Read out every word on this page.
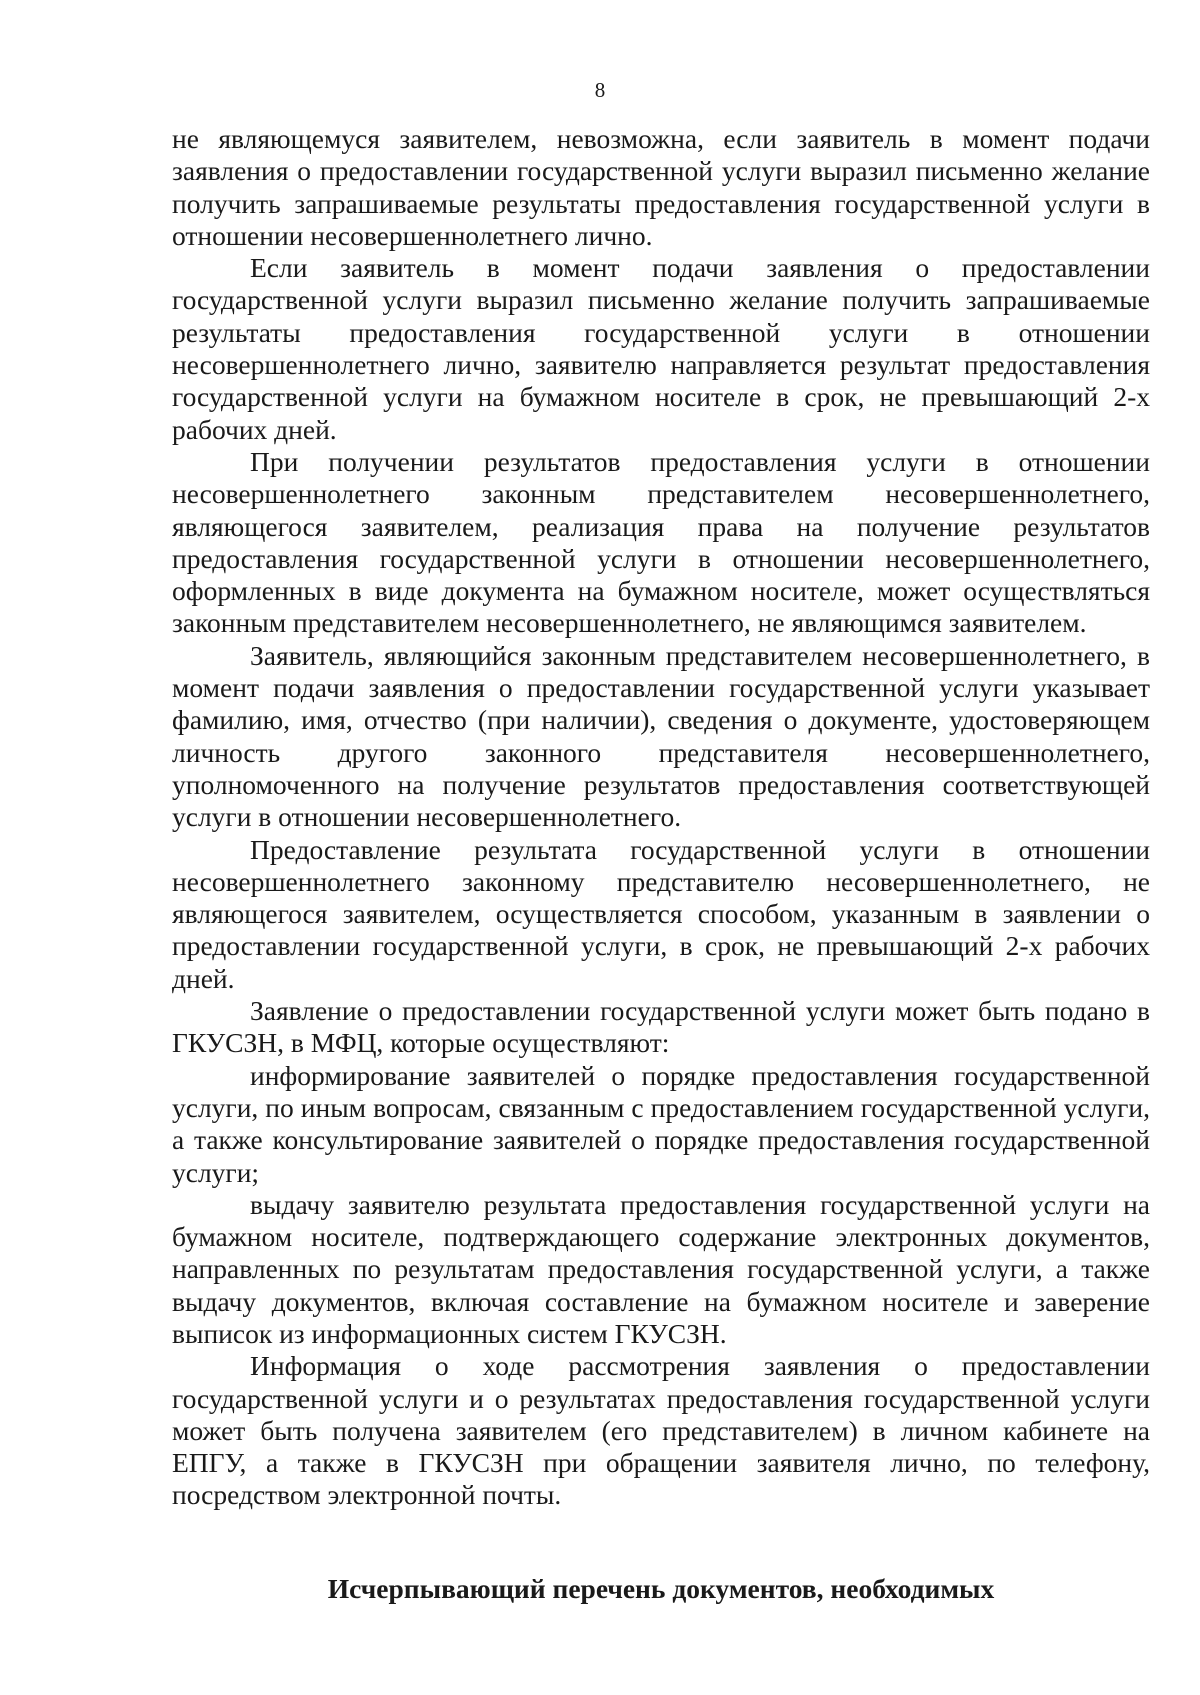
8

не являющемуся заявителем, невозможна, если заявитель в момент подачи заявления о предоставлении государственной услуги выразил письменно желание получить запрашиваемые результаты предоставления государственной услуги в отношении несовершеннолетнего лично.

Если заявитель в момент подачи заявления о предоставлении государственной услуги выразил письменно желание получить запрашиваемые результаты предоставления государственной услуги в отношении несовершеннолетнего лично, заявителю направляется результат предоставления государственной услуги на бумажном носителе в срок, не превышающий 2-х рабочих дней.

При получении результатов предоставления услуги в отношении несовершеннолетнего законным представителем несовершеннолетнего, являющегося заявителем, реализация права на получение результатов предоставления государственной услуги в отношении несовершеннолетнего, оформленных в виде документа на бумажном носителе, может осуществляться законным представителем несовершеннолетнего, не являющимся заявителем.

Заявитель, являющийся законным представителем несовершеннолетнего, в момент подачи заявления о предоставлении государственной услуги указывает фамилию, имя, отчество (при наличии), сведения о документе, удостоверяющем личность другого законного представителя несовершеннолетнего, уполномоченного на получение результатов предоставления соответствующей услуги в отношении несовершеннолетнего.

Предоставление результата государственной услуги в отношении несовершеннолетнего законному представителю несовершеннолетнего, не являющегося заявителем, осуществляется способом, указанным в заявлении о предоставлении государственной услуги, в срок, не превышающий 2-х рабочих дней.

Заявление о предоставлении государственной услуги может быть подано в ГКУСЗН, в МФЦ, которые осуществляют:

информирование заявителей о порядке предоставления государственной услуги, по иным вопросам, связанным с предоставлением государственной услуги, а также консультирование заявителей о порядке предоставления государственной услуги;

выдачу заявителю результата предоставления государственной услуги на бумажном носителе, подтверждающего содержание электронных документов, направленных по результатам предоставления государственной услуги, а также выдачу документов, включая составление на бумажном носителе и заверение выписок из информационных систем ГКУСЗН.

Информация о ходе рассмотрения заявления о предоставлении государственной услуги и о результатах предоставления государственной услуги может быть получена заявителем (его представителем) в личном кабинете на ЕПГУ, а также в ГКУСЗН при обращении заявителя лично, по телефону, посредством электронной почты.

Исчерпывающий перечень документов, необходимых
